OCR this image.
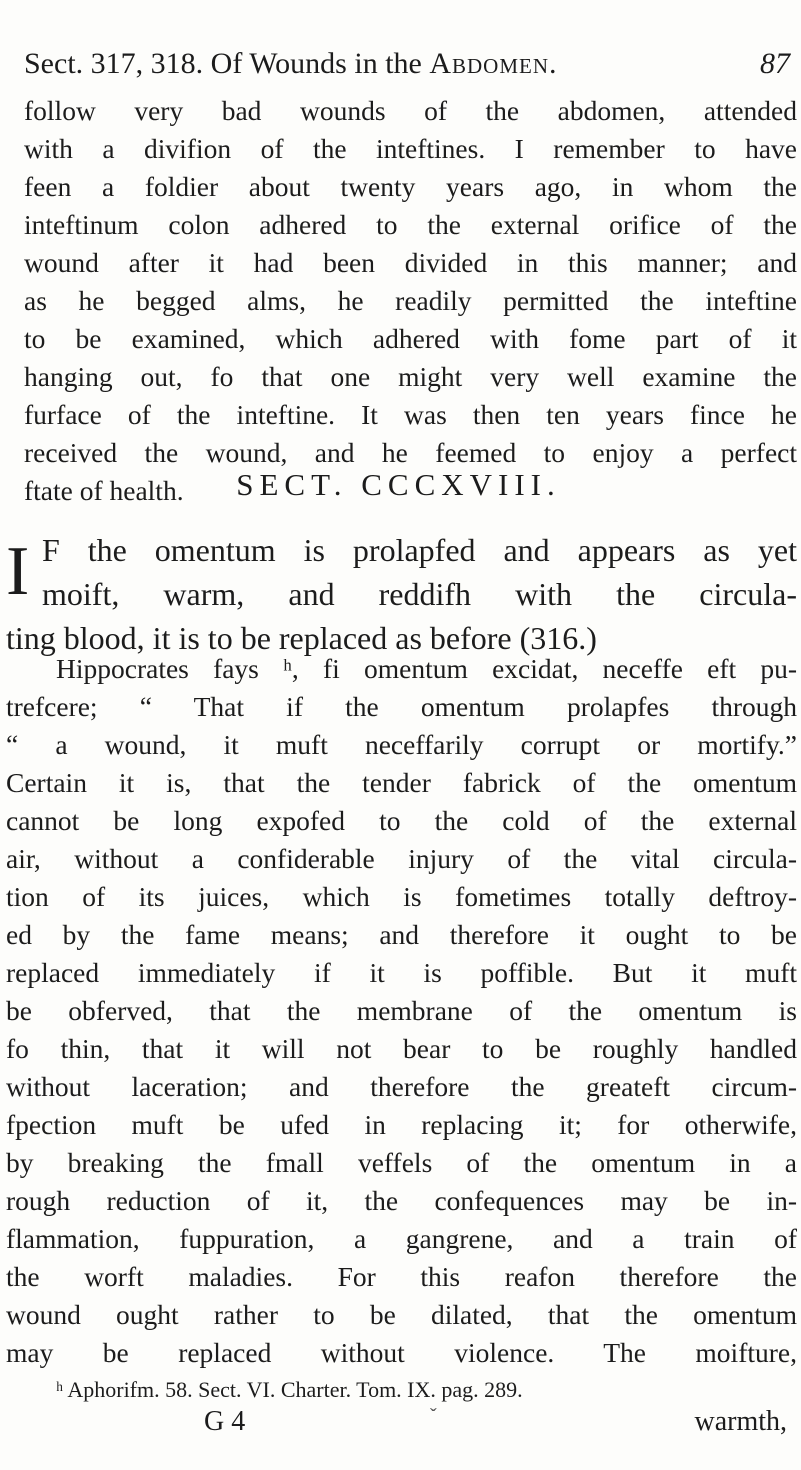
Sect. 317, 318. Of Wounds in the Abdomen.	87
follow very bad wounds of the abdomen, attended
with a divifion of the inteftines. I remember to have
feen a foldier about twenty years ago, in whom the
inteftinum colon adhered to the external orifice of the
wound after it had been divided in this manner; and
as he begged alms, he readily permitted the inteftine
to be examined, which adhered with fome part of it
hanging out, fo that one might very well examine the
furface of the inteftine. It was then ten years fince he
received the wound, and he feemed to enjoy a perfect
ftate of health.	SECT. CCCXVIII.
I F the omentum is prolapfed and appears as yet
moift, warm, and reddifh with the circula-
ting blood, it is to be replaced as before (316.)
Hippocrates fays ʰ, fi omentum excidat, neceffe eft pu-
trefcere; “ That if the omentum prolapfes through
“ a wound, it muft neceffarily corrupt or mortify.”
Certain it is, that the tender fabrick of the omentum
cannot be long expofed to the cold of the external
air, without a confiderable injury of the vital circula-
tion of its juices, which is fometimes totally deftroy-
ed by the fame means; and therefore it ought to be
replaced immediately if it is poffible. But it muft
be obferved, that the membrane of the omentum is
fo thin, that it will not bear to be roughly handled
without laceration; and therefore the greateft circum-
fpection muft be ufed in replacing it; for otherwife,
by breaking the fmall veffels of the omentum in a
rough reduction of it, the confequences may be in-
flammation, fuppuration, a gangrene, and a train of
the worft maladies. For this reafon therefore the
wound ought rather to be dilated, that the omentum
may be replaced without violence. The moifture,
ʰ Aphorifm. 58. Sect. VI. Charter. Tom. IX. pag. 289.
G 4	ˇ	warmth,
